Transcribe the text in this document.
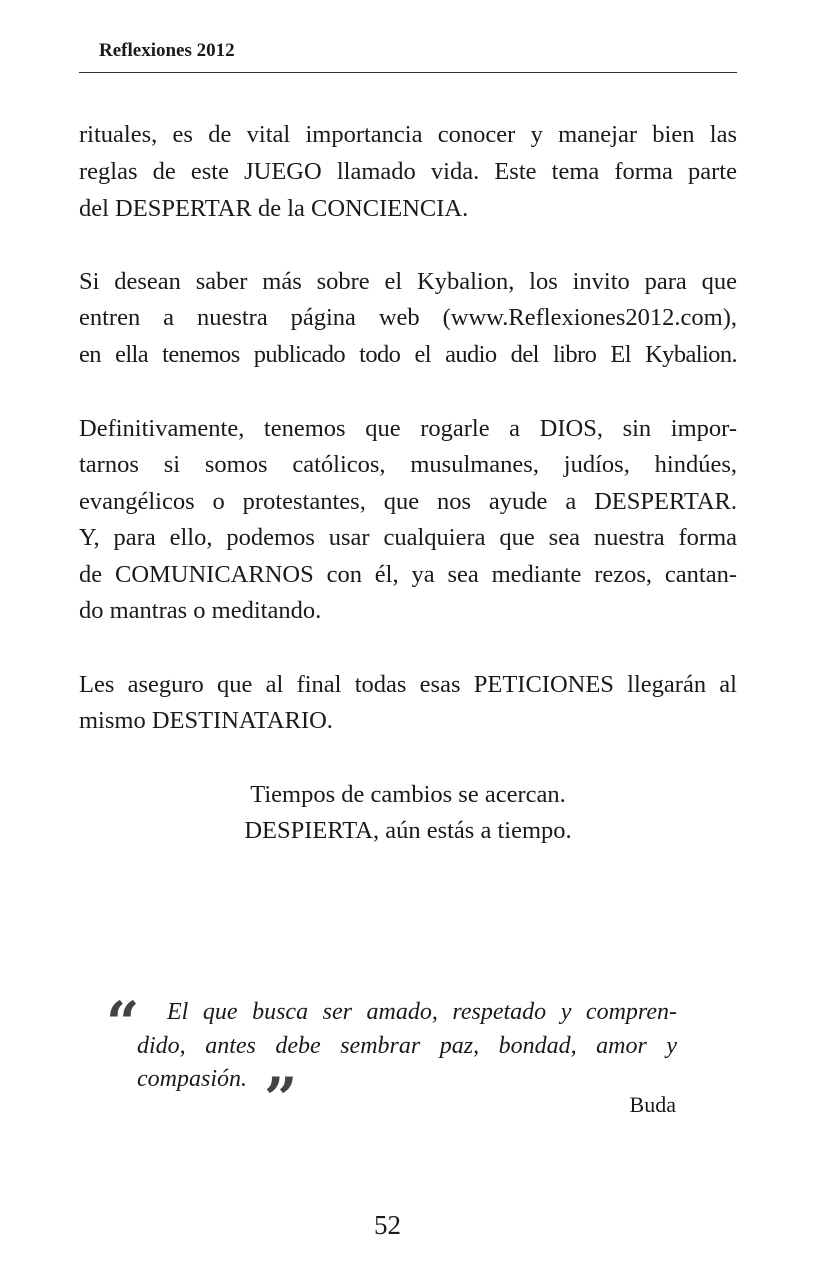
Reflexiones 2012
rituales, es de vital importancia conocer y manejar bien las
reglas de este JUEGO llamado vida. Este tema forma parte
del DESPERTAR de la CONCIENCIA.
Si desean saber más sobre el Kybalion, los invito para que
entren a nuestra página web (www.Reflexiones2012.com),
en ella tenemos publicado todo el audio del libro El Kybalion.
Definitivamente, tenemos que rogarle a DIOS, sin impor-
tarnos si somos católicos, musulmanes, judíos, hindúes,
evangélicos o protestantes, que nos ayude a DESPERTAR.
Y, para ello, podemos usar cualquiera que sea nuestra forma
de COMUNICARNOS con él, ya sea mediante rezos, cantan-
do mantras o meditando.
Les aseguro que al final todas esas PETICIONES llegarán al
mismo DESTINATARIO.
Tiempos de cambios se acercan.
DESPIERTA, aún estás a tiempo.
“	El que busca ser amado, respetado y compren-
dido, antes debe sembrar paz, bondad, amor y
compasión. ”	Buda
52
